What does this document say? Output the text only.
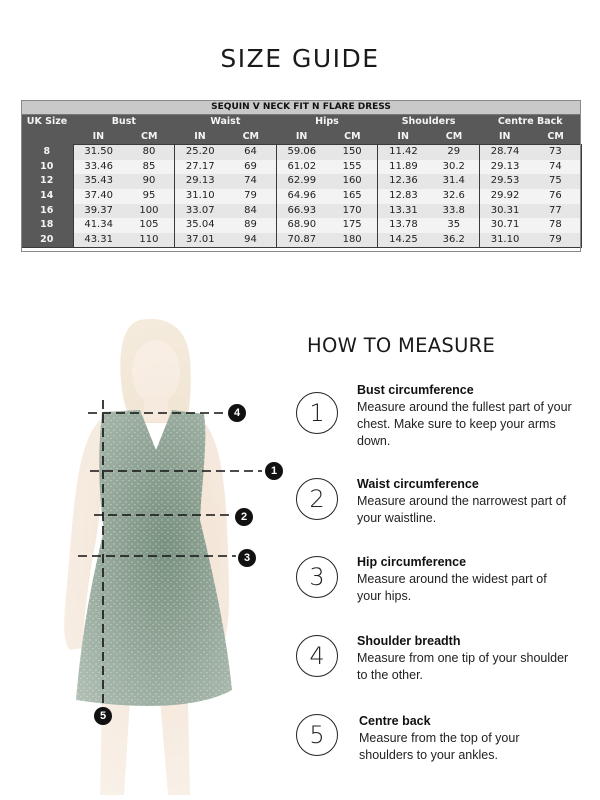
SIZE GUIDE
SEQUIN V NECK FIT N FLARE DRESS										
UK Size	Bust		Waist		Hips		Shoulders		Centre Back	
	IN	CM	IN	CM	IN	CM	IN	CM	IN	CM
8	31.50	80	25.20	64	59.06	150	11.42	29	28.74	73
10	33.46	85	27.17	69	61.02	155	11.89	30.2	29.13	74
12	35.43	90	29.13	74	62.99	160	12.36	31.4	29.53	75
14	37.40	95	31.10	79	64.96	165	12.83	32.6	29.92	76
16	39.37	100	33.07	84	66.93	170	13.31	33.8	30.31	77
18	41.34	105	35.04	89	68.90	175	13.78	35	30.71	78
20	43.31	110	37.01	94	70.87	180	14.25	36.2	31.10	79
4
1
2
3
5
HOW TO MEASURE
1
Bust circumference
Measure around the fullest part of your chest. Make sure to keep your arms down.
2
Waist circumference
Measure around the narrowest part of your waistline.
3
Hip circumference
Measure around the widest part of your hips.
4
Shoulder breadth
Measure from one tip of your shoulder to the other.
5	Centre back
Measure from the top of your shoulders to your ankles.
